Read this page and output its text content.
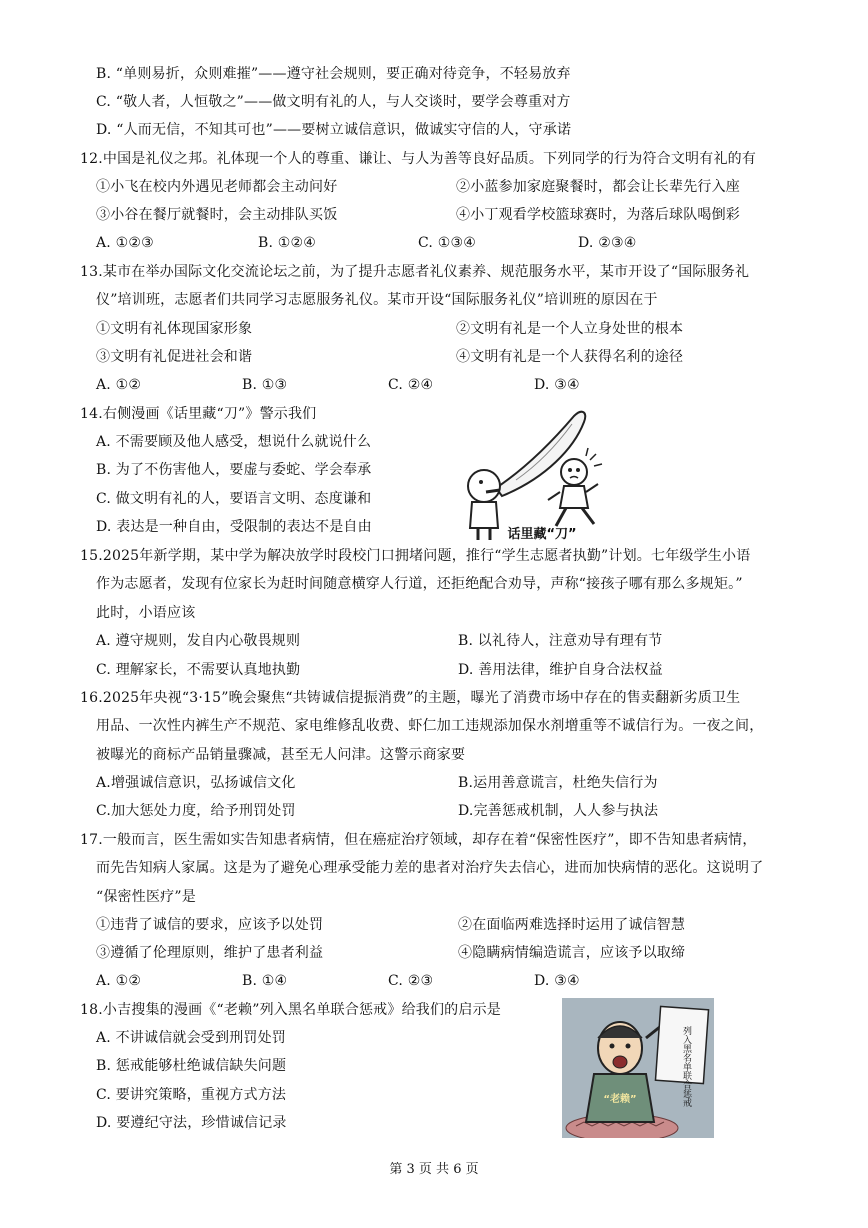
B. “单则易折，众则难摧”——遵守社会规则，要正确对待竞争，不轻易放弃
C. “敬人者，人恒敬之”——做文明有礼的人，与人交谈时，要学会尊重对方
D. “人而无信，不知其可也”——要树立诚信意识，做诚实守信的人，守承诺
12.中国是礼仪之邦。礼体现一个人的尊重、谦让、与人为善等良好品质。下列同学的行为符合文明有礼的有
①小飞在校内外遇见老师都会主动问好	②小蓝参加家庭聚餐时，都会让长辈先行入座
③小谷在餐厅就餐时，会主动排队买饭	④小丁观看学校篮球赛时，为落后球队喝倒彩
A. ①②③	B. ①②④	C. ①③④	D. ②③④
13.某市在举办国际文化交流论坛之前，为了提升志愿者礼仪素养、规范服务水平，某市开设了“国际服务礼
仪”培训班，志愿者们共同学习志愿服务礼仪。某市开设“国际服务礼仪”培训班的原因在于
①文明有礼体现国家形象	②文明有礼是一个人立身处世的根本
③文明有礼促进社会和谐	④文明有礼是一个人获得名利的途径
A. ①②	B. ①③	C. ②④	D. ③④
14.右侧漫画《话里藏“刀”》警示我们
A. 不需要顾及他人感受，想说什么就说什么
B. 为了不伤害他人，要虚与委蛇、学会奉承
C. 做文明有礼的人，要语言文明、态度谦和
D. 表达是一种自由，受限制的表达不是自由	话里藏“刀”
15.2025年新学期，某中学为解决放学时段校门口拥堵问题，推行“学生志愿者执勤”计划。七年级学生小语
作为志愿者，发现有位家长为赶时间随意横穿人行道，还拒绝配合劝导，声称“接孩子哪有那么多规矩。”
此时，小语应该
A. 遵守规则，发自内心敬畏规则	B. 以礼待人，注意劝导有理有节
C. 理解家长，不需要认真地执勤	D. 善用法律，维护自身合法权益
16.2025年央视“3·15”晚会聚焦“共铸诚信提振消费”的主题，曝光了消费市场中存在的售卖翻新劣质卫生
用品、一次性内裤生产不规范、家电维修乱收费、虾仁加工违规添加保水剂增重等不诚信行为。一夜之间，
被曝光的商标产品销量骤减，甚至无人问津。这警示商家要
A.增强诚信意识，弘扬诚信文化	B.运用善意谎言，杜绝失信行为
C.加大惩处力度，给予刑罚处罚	D.完善惩戒机制，人人参与执法
17.一般而言，医生需如实告知患者病情，但在癌症治疗领域，却存在着“保密性医疗”，即不告知患者病情，
而先告知病人家属。这是为了避免心理承受能力差的患者对治疗失去信心，进而加快病情的恶化。这说明了
“保密性医疗”是
①违背了诚信的要求，应该予以处罚	②在面临两难选择时运用了诚信智慧
③遵循了伦理原则，维护了患者利益	④隐瞒病情编造谎言，应该予以取缔
A. ①②	B. ①④	C. ②③	D. ③④
18.小吉搜集的漫画《“老赖”列入黑名单联合惩戒》给我们的启示是
A. 不讲诚信就会受到刑罚处罚
B. 惩戒能够杜绝诚信缺失问题
C. 要讲究策略，重视方式方法
D. 要遵纪守法，珍惜诚信记录
列入黑名单联合惩戒
“老赖”
第 3 页 共 6 页
